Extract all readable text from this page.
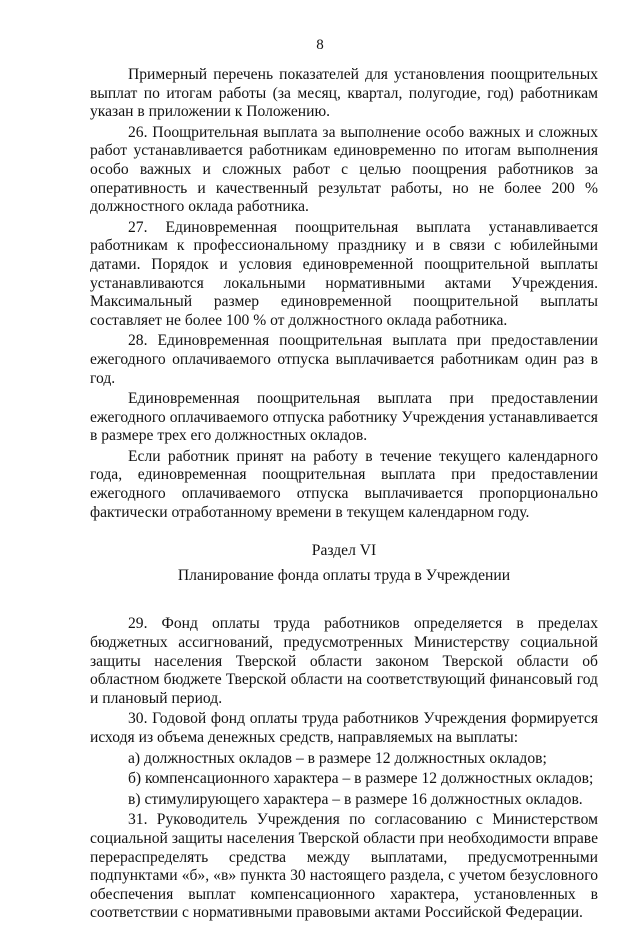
8

Примерный перечень показателей для установления поощрительных выплат по итогам работы (за месяц, квартал, полугодие, год) работникам указан в приложении к Положению.

26. Поощрительная выплата за выполнение особо важных и сложных работ устанавливается работникам единовременно по итогам выполнения особо важных и сложных работ с целью поощрения работников за оперативность и качественный результат работы, но не более 200 % должностного оклада работника.

27. Единовременная поощрительная выплата устанавливается работникам к профессиональному празднику и в связи с юбилейными датами. Порядок и условия единовременной поощрительной выплаты устанавливаются локальными нормативными актами Учреждения. Максимальный размер единовременной поощрительной выплаты составляет не более 100 % от должностного оклада работника.

28. Единовременная поощрительная выплата при предоставлении ежегодного оплачиваемого отпуска выплачивается работникам один раз в год.

Единовременная поощрительная выплата при предоставлении ежегодного оплачиваемого отпуска работнику Учреждения устанавливается в размере трех его должностных окладов.

Если работник принят на работу в течение текущего календарного года, единовременная поощрительная выплата при предоставлении ежегодного оплачиваемого отпуска выплачивается пропорционально фактически отработанному времени в текущем календарном году.

Раздел VI

Планирование фонда оплаты труда в Учреждении

29. Фонд оплаты труда работников определяется в пределах бюджетных ассигнований, предусмотренных Министерству социальной защиты населения Тверской области законом Тверской области об областном бюджете Тверской области на соответствующий финансовый год и плановый период.

30. Годовой фонд оплаты труда работников Учреждения формируется исходя из объема денежных средств, направляемых на выплаты:

а) должностных окладов – в размере 12 должностных окладов;

б) компенсационного характера – в размере 12 должностных окладов;

в) стимулирующего характера – в размере 16 должностных окладов.

31. Руководитель Учреждения по согласованию с Министерством социальной защиты населения Тверской области при необходимости вправе перераспределять средства между выплатами, предусмотренными подпунктами «б», «в» пункта 30 настоящего раздела, с учетом безусловного обеспечения выплат компенсационного характера, установленных в соответствии с нормативными правовыми актами Российской Федерации.
